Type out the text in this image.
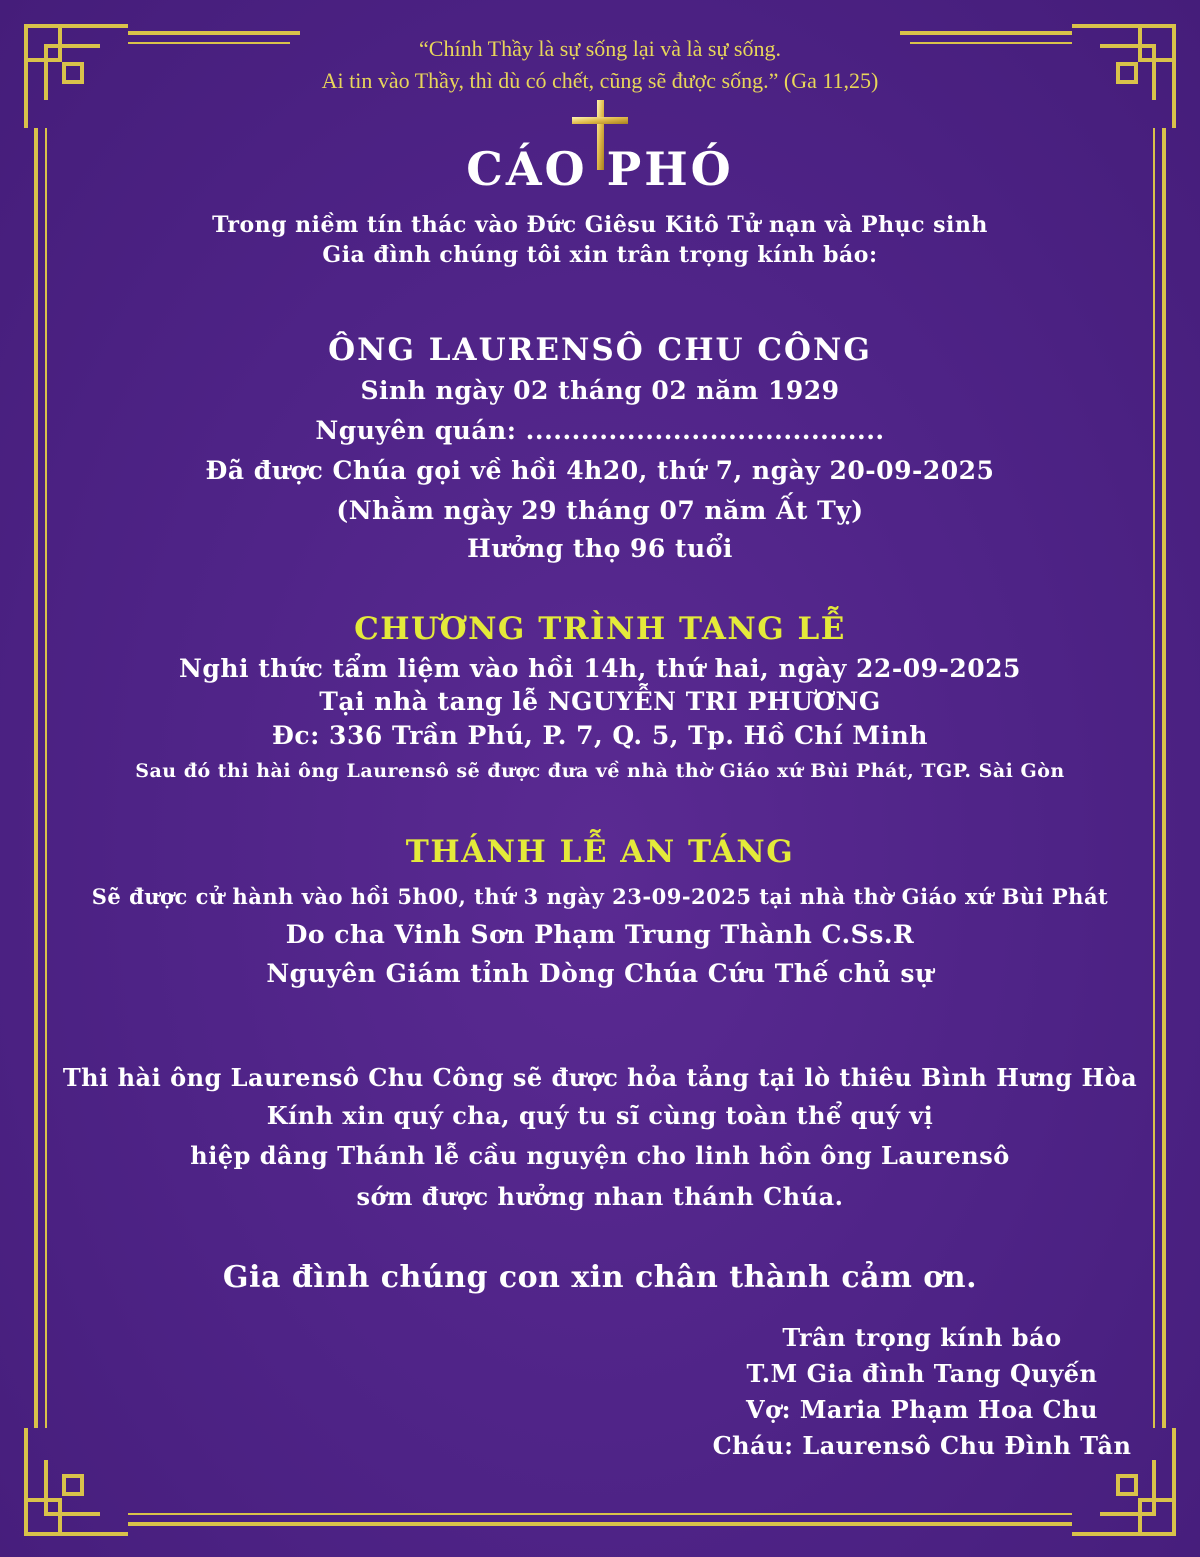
“Chính Thầy là sự sống lại và là sự sống.
Ai tin vào Thầy, thì dù có chết, cũng sẽ được sống.” (Ga 11,25)
CÁO PHÓ
Trong niềm tín thác vào Đức Giêsu Kitô Tử nạn và Phục sinh
Gia đình chúng tôi xin trân trọng kính báo:
ÔNG LAURENSÔ CHU CÔNG
Sinh ngày 02 tháng 02 năm 1929
Nguyên quán: .......................................
Đã được Chúa gọi về hồi 4h20, thứ 7, ngày 20-09-2025
(Nhằm ngày 29 tháng 07 năm Ất Tỵ)
Hưởng thọ 96 tuổi
CHƯƠNG TRÌNH TANG LỄ
Nghi thức tẩm liệm vào hồi 14h, thứ hai, ngày 22-09-2025
Tại nhà tang lễ NGUYỄN TRI PHƯƠNG
Đc: 336 Trần Phú, P. 7, Q. 5, Tp. Hồ Chí Minh
Sau đó thi hài ông Laurensô sẽ được đưa về nhà thờ Giáo xứ Bùi Phát, TGP. Sài Gòn
THÁNH LỄ AN TÁNG
Sẽ được cử hành vào hồi 5h00, thứ 3 ngày 23-09-2025 tại nhà thờ Giáo xứ Bùi Phát
Do cha Vinh Sơn Phạm Trung Thành C.Ss.R
Nguyên Giám tỉnh Dòng Chúa Cứu Thế chủ sự
Thi hài ông Laurensô Chu Công sẽ được hỏa tảng tại lò thiêu Bình Hưng Hòa
Kính xin quý cha, quý tu sĩ cùng toàn thể quý vị
hiệp dâng Thánh lễ cầu nguyện cho linh hồn ông Laurensô
sớm được hưởng nhan thánh Chúa.
Gia đình chúng con xin chân thành cảm ơn.
Trân trọng kính báo
T.M Gia đình Tang Quyến
Vợ: Maria Phạm Hoa Chu
Cháu: Laurensô Chu Đình Tân
